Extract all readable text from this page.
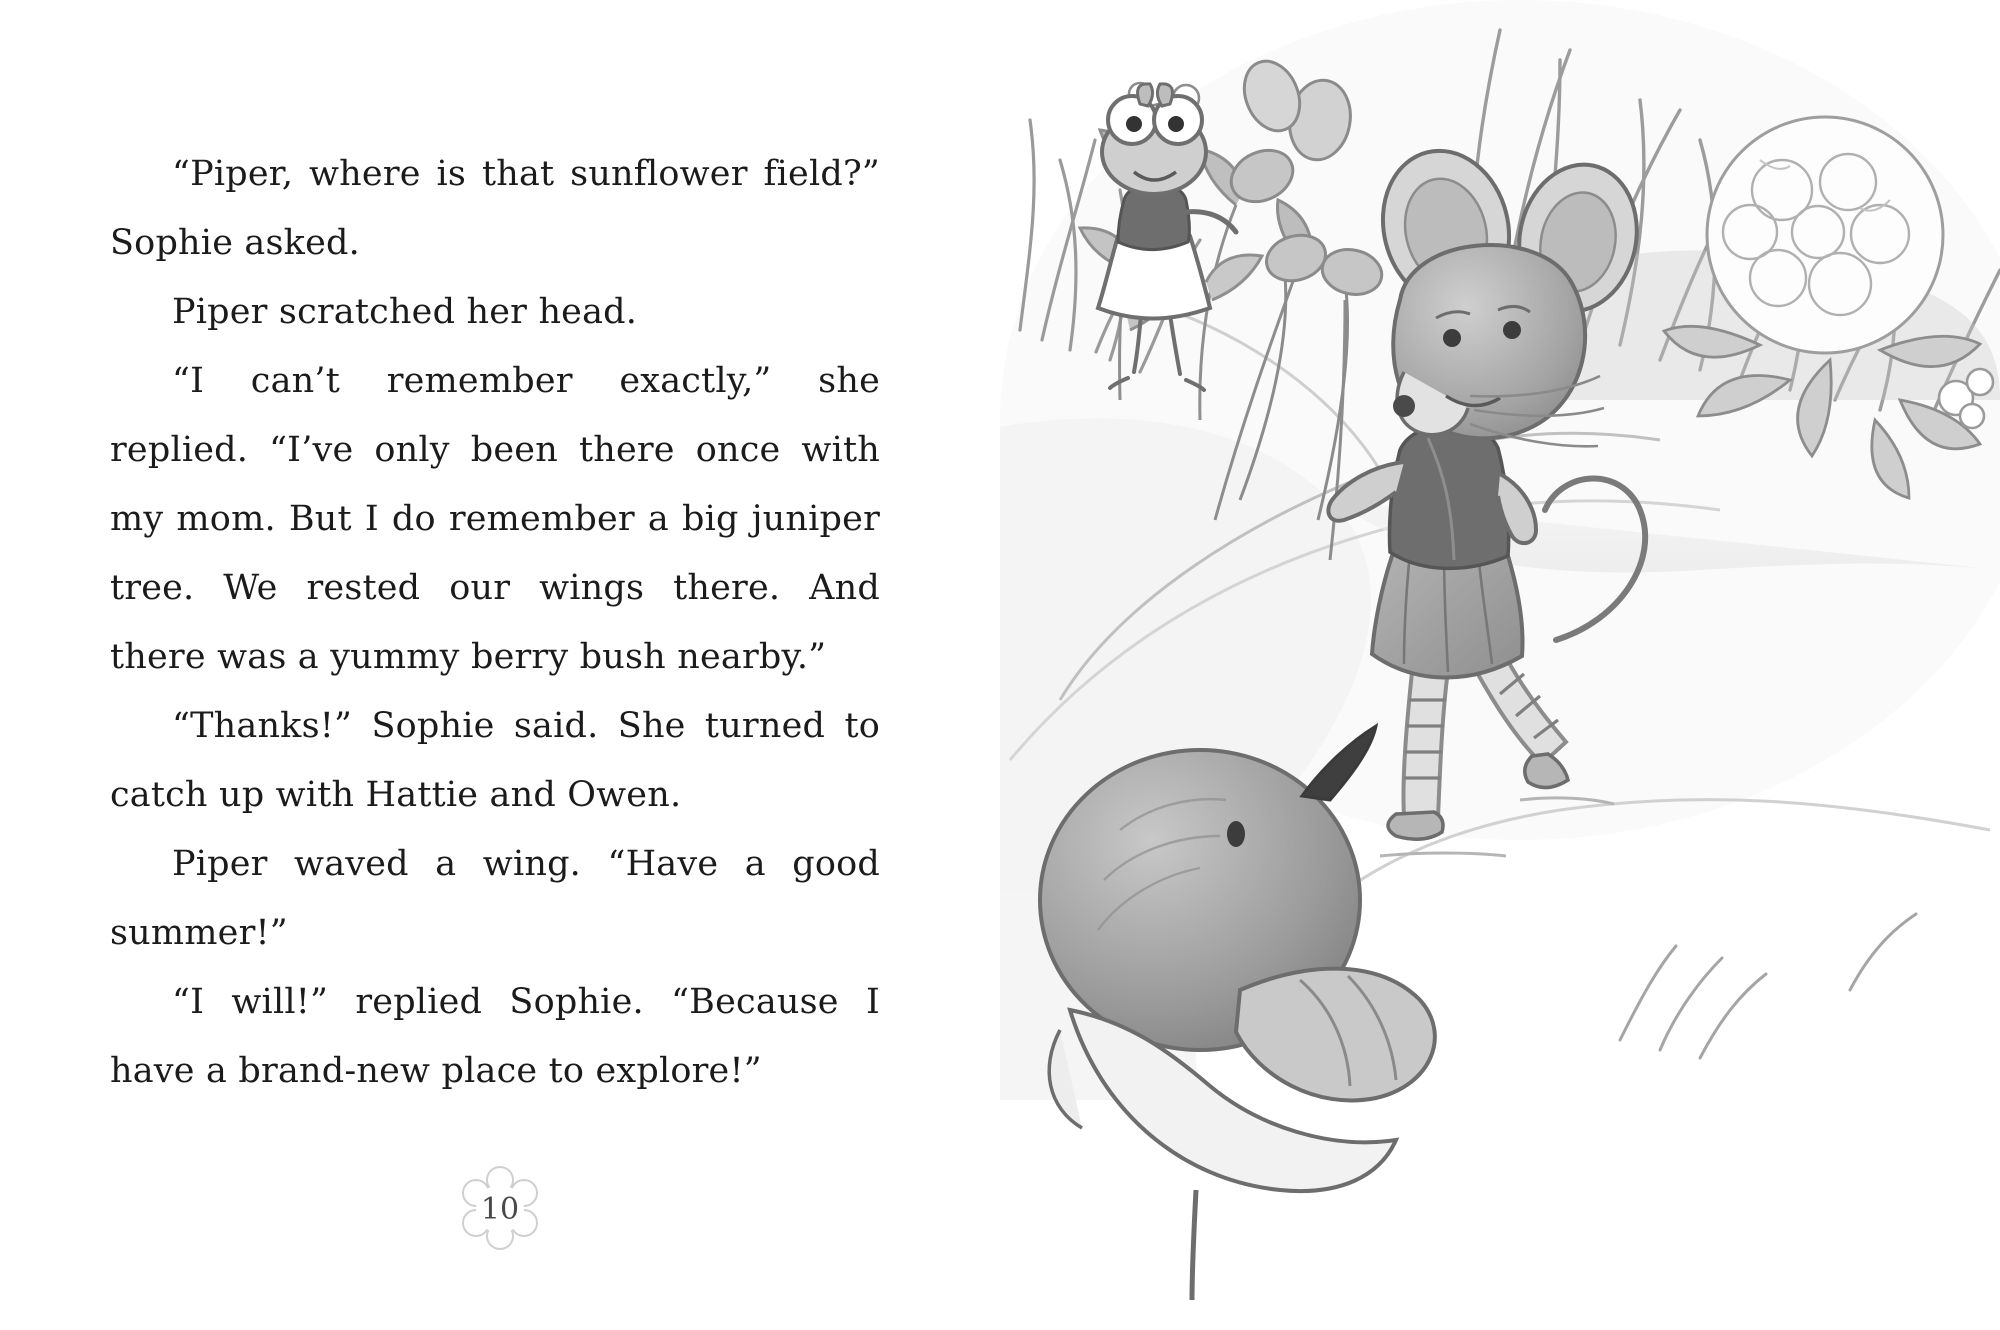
“Piper, where is that sunflower field?” Sophie asked.

Piper scratched her head.

“I can’t remember exactly,” she replied. “I’ve only been there once with my mom. But I do remember a big juniper tree. We rested our wings there. And there was a yummy berry bush nearby.”

“Thanks!” Sophie said. She turned to catch up with Hattie and Owen.

Piper waved a wing. “Have a good summer!”

“I will!” replied Sophie. “Because I have a brand-new place to explore!”

10
